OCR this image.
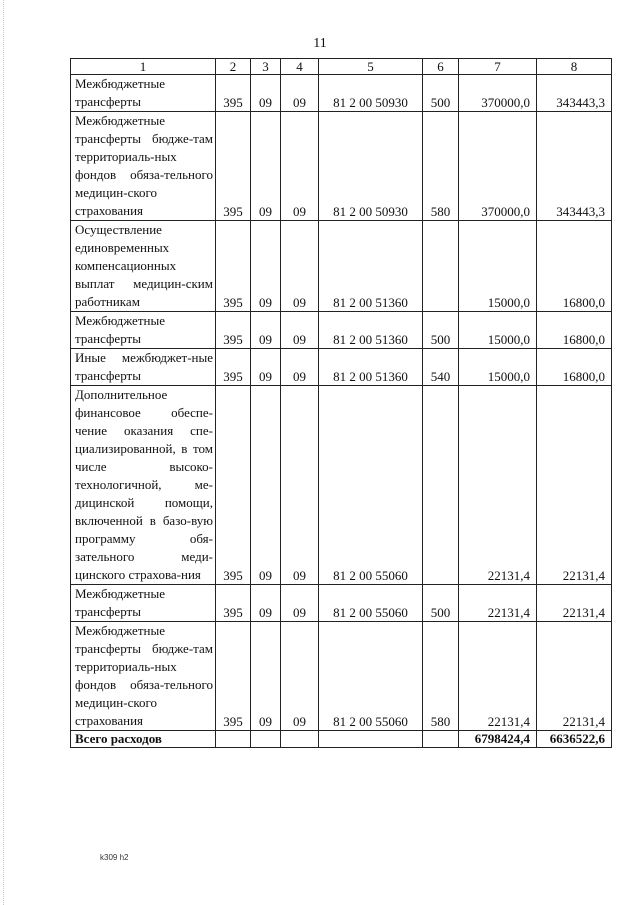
11
1	2	3	4	5	6	7	8
Межбюджетные трансферты	395	09	09	81 2 00 50930	500	370000,0	343443,3
Межбюджетные трансферты бюдже-там территориаль-ных фондов обяза-тельного медицин-ского страхования	395	09	09	81 2 00 50930	580	370000,0	343443,3
Осуществление единовременных компенсационных выплат медицин-ским работникам	395	09	09	81 2 00 51360		15000,0	16800,0
Межбюджетные трансферты	395	09	09	81 2 00 51360	500	15000,0	16800,0
Иные межбюджет-ные трансферты	395	09	09	81 2 00 51360	540	15000,0	16800,0
Дополнительное финансовое обеспе-чение оказания спе-циализированной, в том числе высоко-технологичной, ме-дицинской помощи, включенной в базо-вую программу обя-зательного меди-цинского страхова-ния	395	09	09	81 2 00 55060		22131,4	22131,4
Межбюджетные трансферты	395	09	09	81 2 00 55060	500	22131,4	22131,4
Межбюджетные трансферты бюдже-там территориаль-ных фондов обяза-тельного медицин-ского страхования	395	09	09	81 2 00 55060	580	22131,4	22131,4
Всего расходов						6798424,4	6636522,6
k309 h2
